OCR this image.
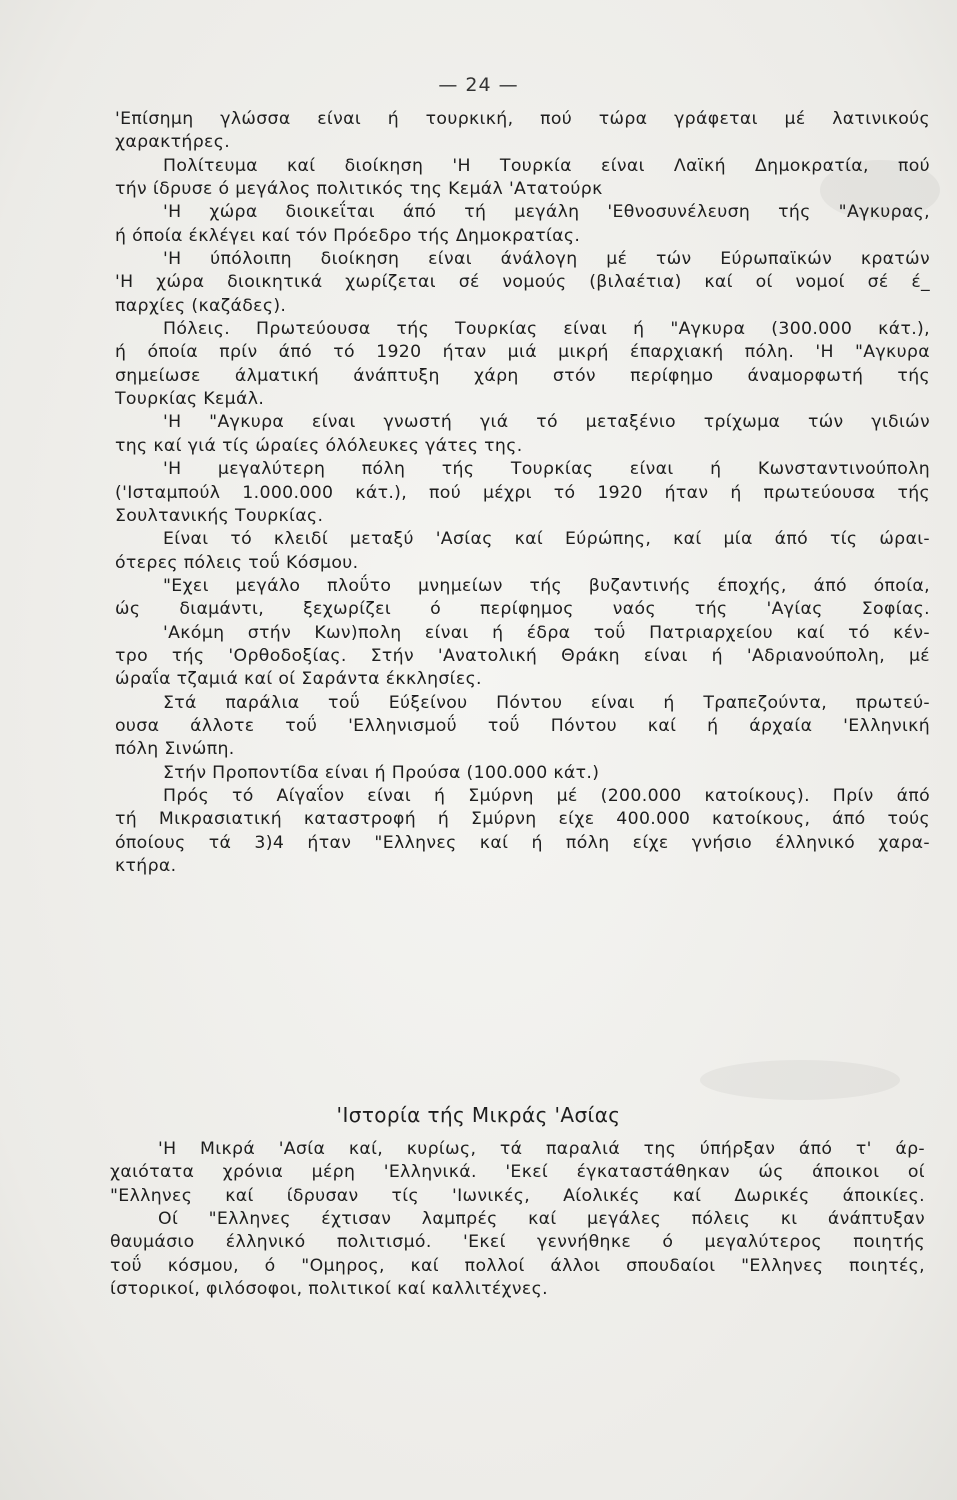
— 24 —
'Επίσημη γλώσσα είναι ή τουρκική, πού τώρα γράφεται μέ λατινικούς
χαρακτήρες.
Πολίτευμα καί διοίκηση 'Η Τουρκία είναι Λαϊκή Δημοκρατία, πού
τήν ίδρυσε ό μεγάλος πολιτικός της Κεμάλ 'Ατατούρκ
'Η χώρα διοικεΐται άπό τή μεγάλη 'Εθνοσυνέλευση τής "Αγκυρας,
ή όποία έκλέγει καί τόν Πρόεδρο τής Δημοκρατίας.
'Η ύπόλοιπη διοίκηση είναι άνάλογη μέ τών Εύρωπαϊκών κρατών
'Η χώρα διοικητικά χωρίζεται σέ νομούς (βιλαέτια) καί οί νομοί σέ έ_
παρχίες (καζάδες).
Πόλεις. Πρωτεύουσα τής Τουρκίας είναι ή "Αγκυρα (300.000 κάτ.),
ή όποία πρίν άπό τό 1920 ήταν μιά μικρή έπαρχιακή πόλη. 'Η "Αγκυρα
σημείωσε άλματική άνάπτυξη χάρη στόν περίφημο άναμορφωτή τής
Τουρκίας Κεμάλ.
'Η "Αγκυρα είναι γνωστή γιά τό μεταξένιο τρίχωμα τών γιδιών
της καί γιά τίς ώραίες όλόλευκες γάτες της.
'Η μεγαλύτερη πόλη τής Τουρκίας είναι ή Κωνσταντινούπολη
('Ισταμπούλ 1.000.000 κάτ.), πού μέχρι τό 1920 ήταν ή πρωτεύουσα τής
Σουλτανικής Τουρκίας.
Είναι τό κλειδί μεταξύ 'Ασίας καί Εύρώπης, καί μία άπό τίς ώραι-
ότερες πόλεις τοΰ Κόσμου.
"Εχει μεγάλο πλοΰτο μνημείων τής βυζαντινής έποχής, άπό όποία,
ώς διαμάντι, ξεχωρίζει ό περίφημος ναός τής 'Αγίας Σοφίας.
'Ακόμη στήν Κων)πολη είναι ή έδρα τοΰ Πατριαρχείου καί τό κέν-
τρο τής 'Ορθοδοξίας. Στήν 'Ανατολική Θράκη είναι ή 'Αδριανούπολη, μέ
ώραΐα τζαμιά καί οί Σαράντα έκκλησίες.
Στά παράλια τοΰ Εύξείνου Πόντου είναι ή Τραπεζούντα, πρωτεύ-
ουσα άλλοτε τοΰ 'Ελληνισμοΰ τοΰ Πόντου καί ή άρχαία 'Ελληνική
πόλη Σινώπη.
Στήν Προποντίδα είναι ή Προύσα (100.000 κάτ.)
Πρός τό Αίγαΐον είναι ή Σμύρνη μέ (200.000 κατοίκους). Πρίν άπό
τή Μικρασιατική καταστροφή ή Σμύρνη είχε 400.000 κατοίκους, άπό τούς
όποίους τά 3)4 ήταν "Ελληνες καί ή πόλη είχε γνήσιο έλληνικό χαρα-
κτήρα.
'Ιστορία τής Μικράς 'Ασίας
'Η Μικρά 'Ασία καί, κυρίως, τά παραλιά της ύπήρξαν άπό τ' άρ-
χαιότατα χρόνια μέρη 'Ελληνικά. 'Εκεί έγκαταστάθηκαν ώς άποικοι οί
"Ελληνες καί ίδρυσαν τίς 'Ιωνικές, Αίολικές καί Δωρικές άποικίες.
Οί "Ελληνες έχτισαν λαμπρές καί μεγάλες πόλεις κι άνάπτυξαν
θαυμάσιο έλληνικό πολιτισμό. 'Εκεί γεννήθηκε ό μεγαλύτερος ποιητής
τοΰ κόσμου, ό "Ομηρος, καί πολλοί άλλοι σπουδαίοι "Ελληνες ποιητές,
ίστορικοί, φιλόσοφοι, πολιτικοί καί καλλιτέχνες.
